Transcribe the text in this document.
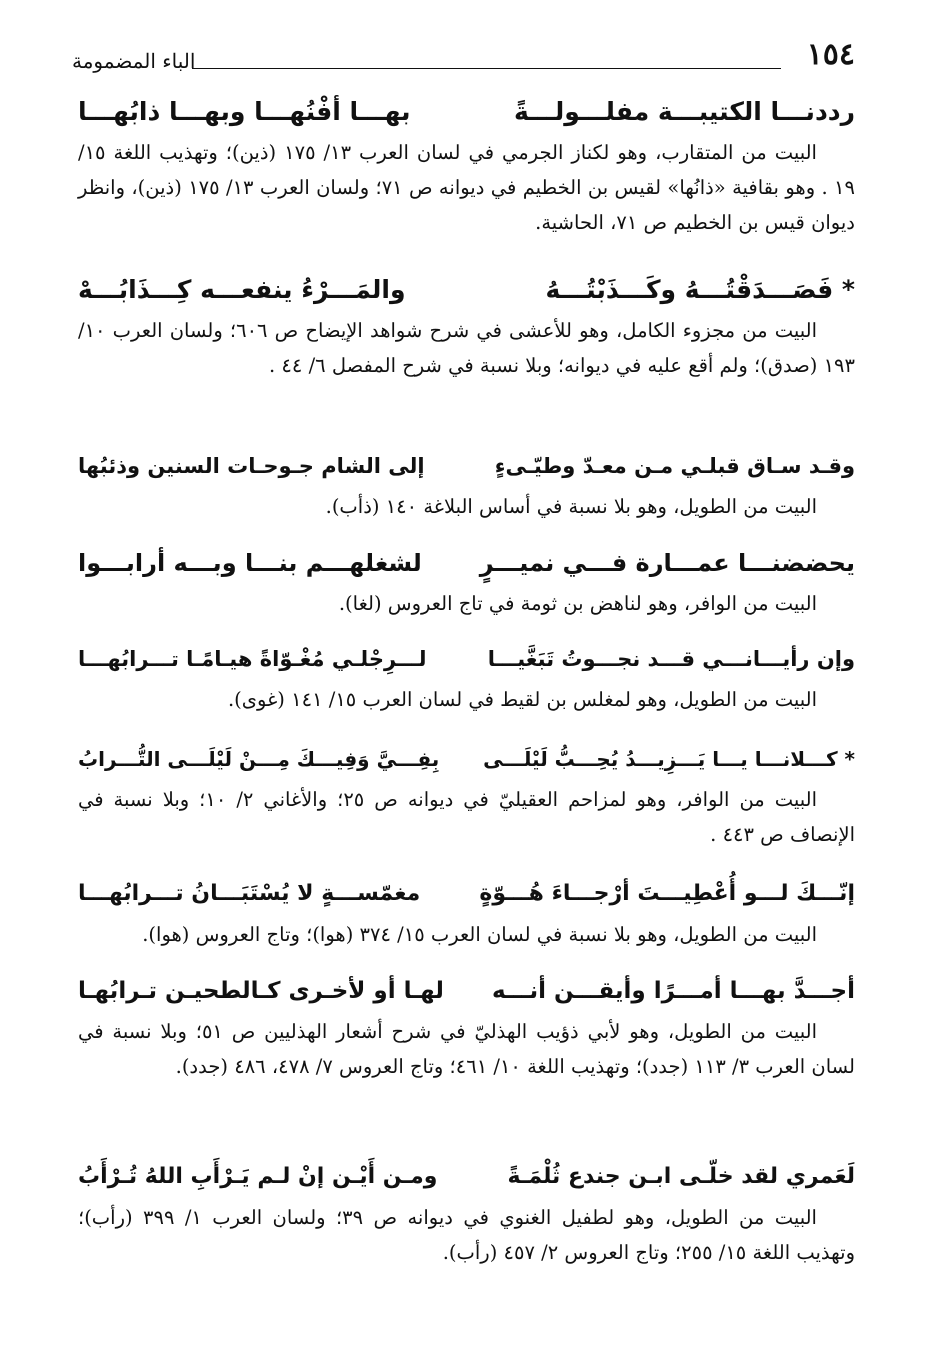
١٥٤
الباء المضمومة
رددنـــا الكتيبـــة مفلـــولـــةً
بهـــا أفْنُهـــا وبهـــا ذابُهـــا
البيت من المتقارب، وهو لكناز الجرمي في لسان العرب ١٣/ ١٧٥ (ذين)؛ وتهذيب اللغة ١٥/ ١٩ . وهو بقافية «ذانُها» لقيس بن الخطيم في ديوانه ص ٧١؛ ولسان العرب ١٣/ ١٧٥ (ذين)، وانظر ديوان قيس بن الخطيم ص ٧١، الحاشية.
* فَصَـــدَقْتُـــهُ وكَـــذَبْتُـــهُ
والمَـــرْءُ ينفعـــه كِـــذَابُـــهْ
البيت من مجزوء الكامل، وهو للأعشى في شرح شواهد الإيضاح ص ٦٠٦؛ ولسان العرب ١٠/ ١٩٣ (صدق)؛ ولم أقع عليه في ديوانه؛ وبلا نسبة في شرح المفصل ٦/ ٤٤ .
وقـد سـاق قبلـي مـن معـدّ وطيّـىءٍ
إلى الشام جـوحـات السنين وذئبُها
البيت من الطويل، وهو بلا نسبة في أساس البلاغة ١٤٠ (ذأب).
يحضضنـــا عمـــارة فـــي نميـــرٍ
لشغلهـــم بنـــا وبـــه أرابـــوا
البيت من الوافر، وهو لناهض بن ثومة في تاج العروس (لغا).
وإن رأيـــانـــي قـــد نجـــوتُ تَبَغَّيـــا
لـــرِجْلـي مُغْـوّاةً هيـامًـا تـــرابُهـــا
البيت من الطويل، وهو لمغلس بن لقيط في لسان العرب ١٥/ ١٤١ (غوى).
* كـــلانـــا يـــا يَـــزِيـــدُ يُحِـــبُّ لَيْلَـــى
بِفِـــيَّ وَفِيـــكَ مِـــنْ لَيْلَـــى التُّـــرابُ
البيت من الوافر، وهو لمزاحم العقيليّ في ديوانه ص ٢٥؛ والأغاني ٢/ ١٠؛ وبلا نسبة في الإنصاف ص ٤٤٣ .
إنّـــكَ لـــو أُعْطِيـــتَ أرْجـــاءَ هُـــوّةٍ
مغمّســـةٍ لا يُسْتَبَـــانُ تـــرابُهـــا
البيت من الطويل، وهو بلا نسبة في لسان العرب ١٥/ ٣٧٤ (هوا)؛ وتاج العروس (هوا).
أجـــدَّ بهـــا أمـــرًا وأيقـــن أنـــه
لهـا أو لأخـرى كـالطحيـن تـرابُهـا
البيت من الطويل، وهو لأبي ذؤيب الهذليّ في شرح أشعار الهذليين ص ٥١؛ وبلا نسبة في لسان العرب ٣/ ١١٣ (جدد)؛ وتهذيب اللغة ١٠/ ٤٦١؛ وتاج العروس ٧/ ٤٧٨، ٤٨٦ (جدد).
لَعَمري لقد خلّـى ابـن جندع ثُلْمَـةً
ومـن أَيْـن إنْ لـم يَـرْأَبِ اللهُ تُـرْأَبُ
البيت من الطويل، وهو لطفيل الغنوي في ديوانه ص ٣٩؛ ولسان العرب ١/ ٣٩٩ (رأب)؛ وتهذيب اللغة ١٥/ ٢٥٥؛ وتاج العروس ٢/ ٤٥٧ (رأب).
